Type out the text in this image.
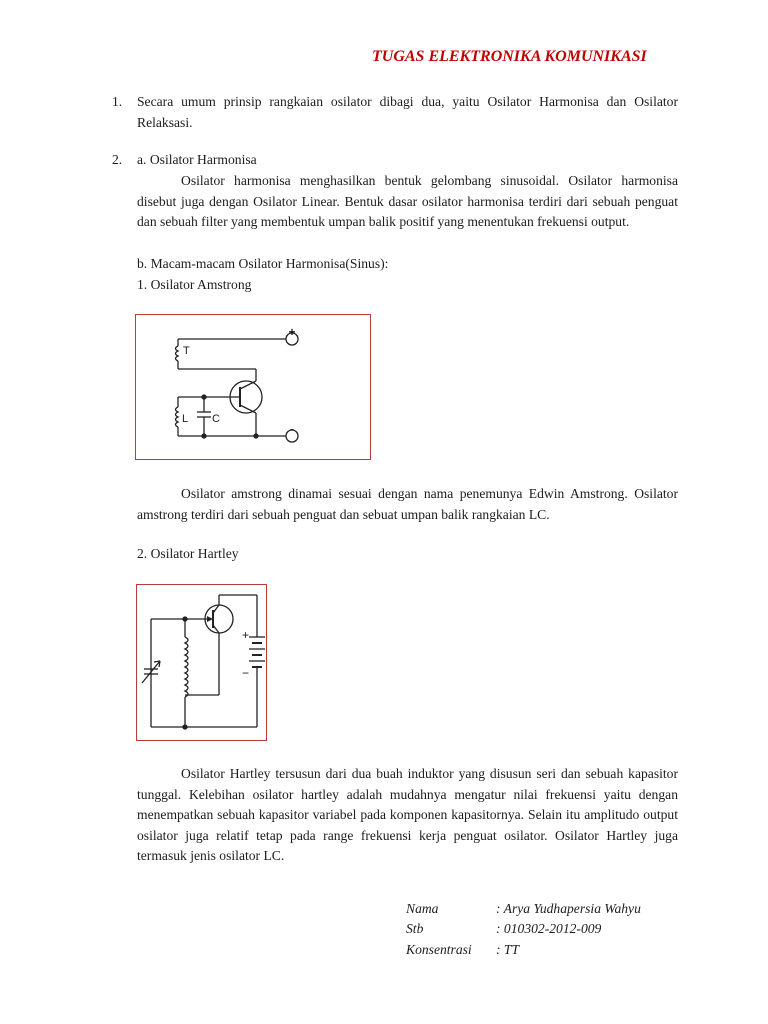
TUGAS ELEKTRONIKA KOMUNIKASI
1. Secara umum prinsip rangkaian osilator dibagi dua, yaitu Osilator Harmonisa dan Osilator Relaksasi.
2. a. Osilator Harmonisa
Osilator harmonisa menghasilkan bentuk gelombang sinusoidal. Osilator harmonisa disebut juga dengan Osilator Linear. Bentuk dasar osilator harmonisa terdiri dari sebuah penguat dan sebuah filter yang membentuk umpan balik positif yang menentukan frekuensi output.
b. Macam-macam Osilator Harmonisa(Sinus):
1. Osilator Amstrong
+
-
T
L C
Osilator amstrong dinamai sesuai dengan nama penemunya Edwin Amstrong. Osilator amstrong terdiri dari sebuah penguat dan sebuat umpan balik rangkaian LC.
2. Osilator Hartley
+
−
Osilator Hartley tersusun dari dua buah induktor yang disusun seri dan sebuah kapasitor tunggal. Kelebihan osilator hartley adalah mudahnya mengatur nilai frekuensi yaitu dengan menempatkan sebuah kapasitor variabel pada komponen kapasitornya. Selain itu amplitudo output osilator juga relatif tetap pada range frekuensi kerja penguat osilator. Osilator Hartley juga termasuk jenis osilator LC.
Nama	: Arya Yudhapersia Wahyu
Stb	: 010302-2012-009
Konsentrasi : TT
